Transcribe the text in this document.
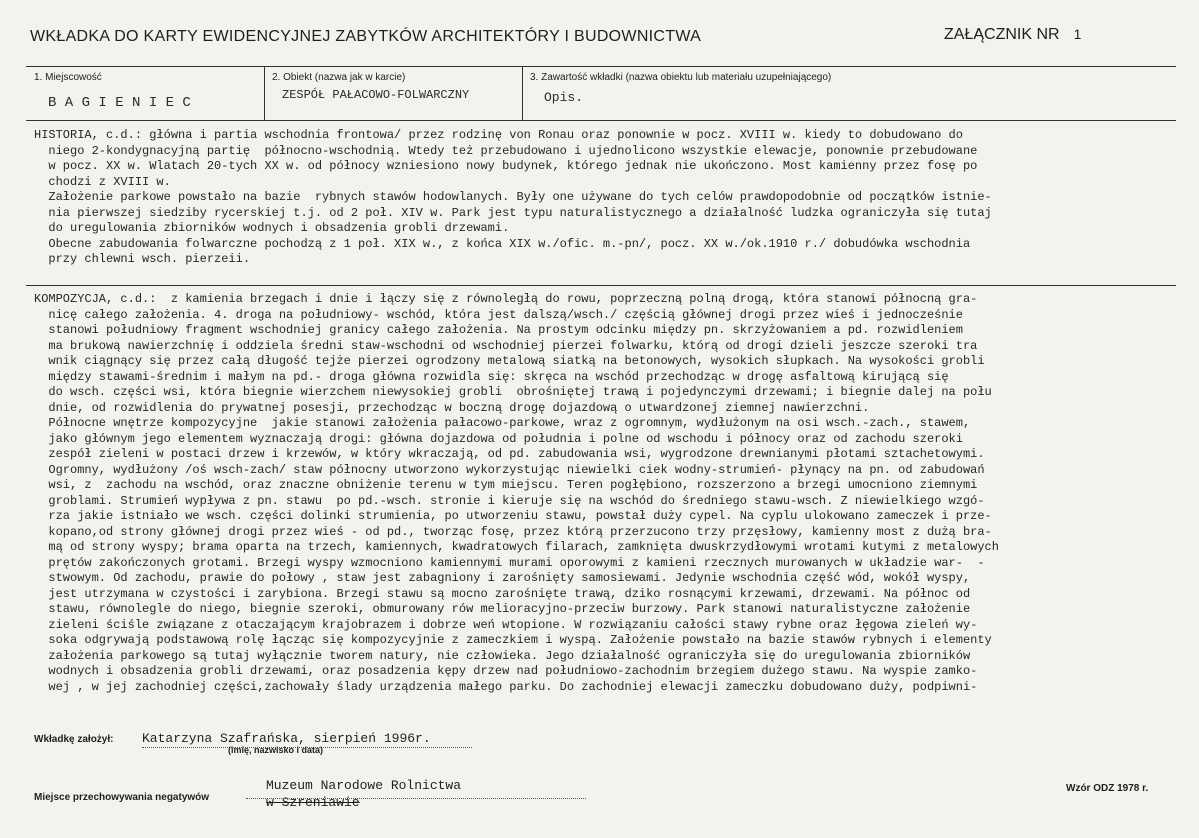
WKŁADKA DO KARTY EWIDENCYJNEJ ZABYTKÓW ARCHITEKTÓRY I BUDOWNICTWA	ZAŁĄCZNIK NR 1
1. Miejscowość
B A G I E N I E C
2. Obiekt (nazwa jak w karcie)
ZESPÓŁ PAŁACOWO-FOLWARCZNY
3. Zawartość wkładki (nazwa obiektu lub materiału uzupełniającego)
Opis.
HISTORIA, c.d.: główna i partia wschodnia frontowa/ przez rodzinę von Ronau oraz ponownie w pocz. XVIII w. kiedy to dobudowano do
niego 2-kondygnacyjną partię  północno-wschodnią. Wtedy też przebudowano i ujednolicono wszystkie elewacje, ponownie przebudowane
w pocz. XX w. Wlatach 20-tych XX w. od północy wzniesiono nowy budynek, którego jednak nie ukończono. Most kamienny przez fosę po
chodzi z XVIII w.
Założenie parkowe powstało na bazie  rybnych stawów hodowlanych. Były one używane do tych celów prawdopodobnie od początków istnie-
nia pierwszej siedziby rycerskiej t.j. od 2 poł. XIV w. Park jest typu naturalistycznego a działalność ludzka ograniczyła się tutaj
do uregulowania zbiorników wodnych i obsadzenia grobli drzewami.
Obecne zabudowania folwarczne pochodzą z 1 poł. XIX w., z końca XIX w./ofic. m.-pn/, pocz. XX w./ok.1910 r./ dobudówka wschodnia
przy chlewni wsch. pierzeii.
KOMPOZYCJA, c.d.:  z kamienia brzegach i dnie i łączy się z równoległą do rowu, poprzeczną polną drogą, która stanowi północną gra-
nicę całego założenia. 4. droga na południowy- wschód, która jest dalszą/wsch./ częścią głównej drogi przez wieś i jednocześnie
stanowi południowy fragment wschodniej granicy całego założenia. Na prostym odcinku między pn. skrzyżowaniem a pd. rozwidleniem
ma brukową nawierzchnię i oddziela średni staw-wschodni od wschodniej pierzei folwarku, którą od drogi dzieli jeszcze szeroki tra
wnik ciągnący się przez całą długość tejże pierzei ogrodzony metalową siatką na betonowych, wysokich słupkach. Na wysokości grobli
między stawami-średnim i małym na pd.- droga główna rozwidla się: skręca na wschód przechodząc w drogę asfaltową kirującą się
do wsch. części wsi, która biegnie wierzchem niewysokiej grobli  obrośniętej trawą i pojedynczymi drzewami; i biegnie dalej na połu
dnie, od rozwidlenia do prywatnej posesji, przechodząc w boczną drogę dojazdową o utwardzonej ziemnej nawierzchni.
Północne wnętrze kompozycyjne  jakie stanowi założenia pałacowo-parkowe, wraz z ogromnym, wydłużonym na osi wsch.-zach., stawem,
jako głównym jego elementem wyznaczają drogi: główna dojazdowa od południa i polne od wschodu i północy oraz od zachodu szeroki
zespół zieleni w postaci drzew i krzewów, w który wkraczają, od pd. zabudowania wsi, wygrodzone drewnianymi płotami sztachetowymi.
Ogromny, wydłużony /oś wsch-zach/ staw północny utworzono wykorzystując niewielki ciek wodny-strumień- płynący na pn. od zabudowań
wsi, z  zachodu na wschód, oraz znaczne obniżenie terenu w tym miejscu. Teren pogłębiono, rozszerzono a brzegi umocniono ziemnymi
groblami. Strumień wypływa z pn. stawu  po pd.-wsch. stronie i kieruje się na wschód do średniego stawu-wsch. Z niewielkiego wzgó-
rza jakie istniało we wsch. części dolinki strumienia, po utworzeniu stawu, powstał duży cypel. Na cyplu ulokowano zameczek i prze-
kopano,od strony głównej drogi przez wieś - od pd., tworząc fosę, przez którą przerzucono trzy przęsłowy, kamienny most z dużą bra-
mą od strony wyspy; brama oparta na trzech, kamiennych, kwadratowych filarach, zamknięta dwuskrzydłowymi wrotami kutymi z metalowych
prętów zakończonych grotami. Brzegi wyspy wzmocniono kamiennymi murami oporowymi z kamieni rzecznych murowanych w układzie war-  -
stwowym. Od zachodu, prawie do połowy , staw jest zabagniony i zarośnięty samosiewami. Jedynie wschodnia część wód, wokół wyspy,
jest utrzymana w czystości i zarybiona. Brzegi stawu są mocno zarośnięte trawą, dziko rosnącymi krzewami, drzewami. Na północ od
stawu, równolegle do niego, biegnie szeroki, obmurowany rów melioracyjno-przeciw burzowy. Park stanowi naturalistyczne założenie
zieleni ściśle związane z otaczającym krajobrazem i dobrze weń wtopione. W rozwiązaniu całości stawy rybne oraz łęgowa zieleń wy-
soka odgrywają podstawową rolę łącząc się kompozycyjnie z zameczkiem i wyspą. Założenie powstało na bazie stawów rybnych i elementy
założenia parkowego są tutaj wyłącznie tworem natury, nie człowieka. Jego działalność ograniczyła się do uregulowania zbiorników
wodnych i obsadzenia grobli drzewami, oraz posadzenia kępy drzew nad południowo-zachodnim brzegiem dużego stawu. Na wyspie zamko-
wej , w jej zachodniej części,zachowały ślady urządzenia małego parku. Do zachodniej elewacji zameczku dobudowano duży, podpiwni-
Wkładkę założył: Katarzyna Szafrańska, sierpień 1996r.
(imię, nazwisko i data)
Miejsce przechowywania negatywów
Muzeum Narodowe Rolnictwa
w Szreniawie
Wzór ODZ 1978 r.
